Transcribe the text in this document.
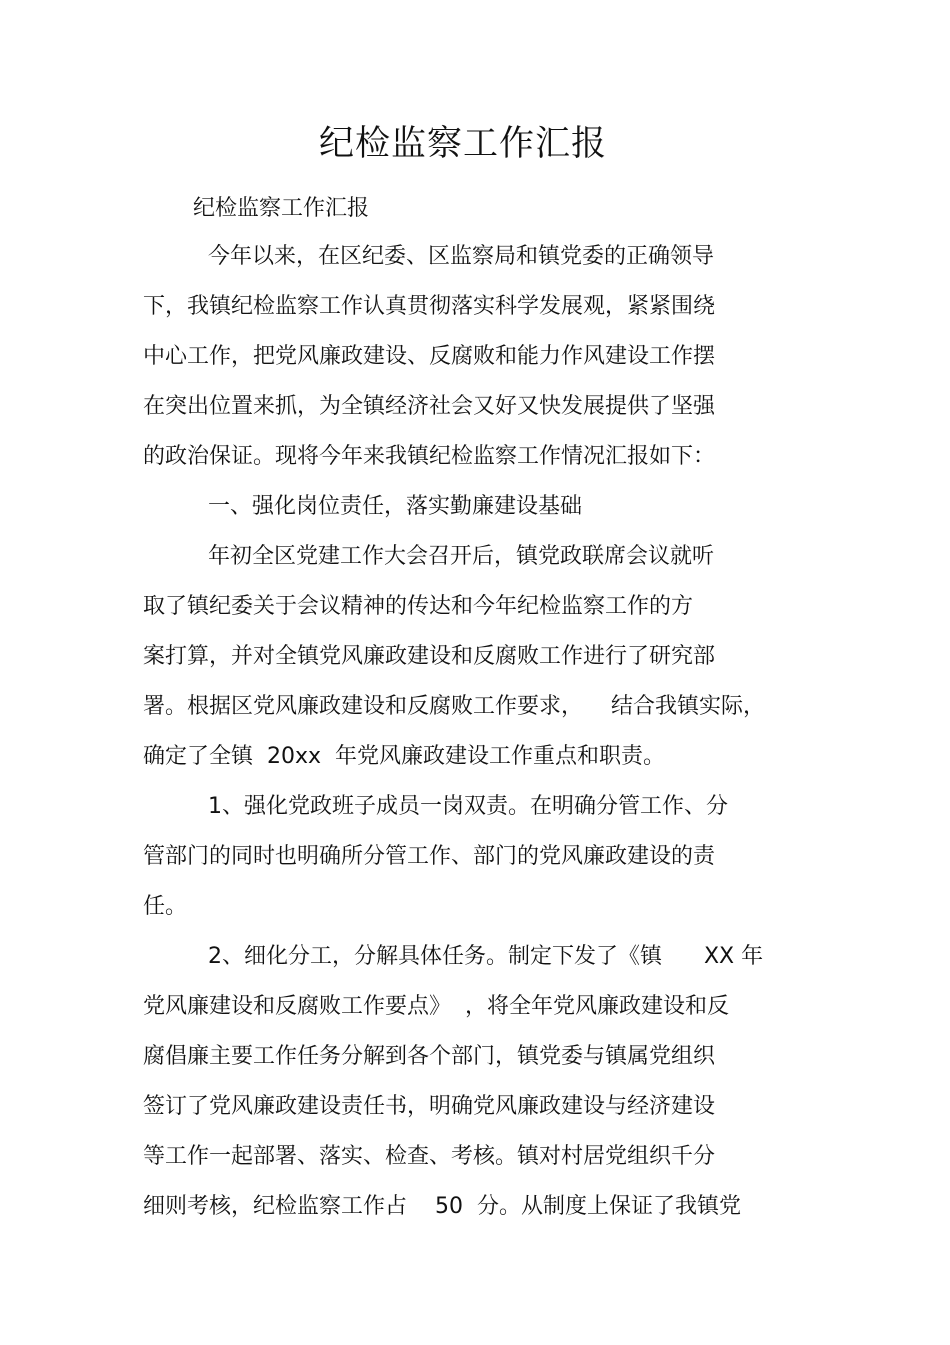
纪检监察工作汇报
纪检监察工作汇报
今年以来，在区纪委、区监察局和镇党委的正确领导
下，我镇纪检监察工作认真贯彻落实科学发展观，紧紧围绕
中心工作，把党风廉政建设、反腐败和能力作风建设工作摆
在突出位置来抓，为全镇经济社会又好又快发展提供了坚强
的政治保证。现将今年来我镇纪检监察工作情况汇报如下：
一、强化岗位责任，落实勤廉建设基础
年初全区党建工作大会召开后，镇党政联席会议就听
取了镇纪委关于会议精神的传达和今年纪检监察工作的方
案打算，并对全镇党风廉政建设和反腐败工作进行了研究部
署。根据区党风廉政建设和反腐败工作要求，    结合我镇实际，
确定了全镇  20xx  年党风廉政建设工作重点和职责。
1、强化党政班子成员一岗双责。在明确分管工作、分
管部门的同时也明确所分管工作、部门的党风廉政建设的责
任。
2、细化分工，分解具体任务。制定下发了《镇      XX 年
党风廉建设和反腐败工作要点》  ，将全年党风廉政建设和反
腐倡廉主要工作任务分解到各个部门，镇党委与镇属党组织
签订了党风廉政建设责任书，明确党风廉政建设与经济建设
等工作一起部署、落实、检查、考核。镇对村居党组织千分
细则考核，纪检监察工作占    50  分。从制度上保证了我镇党
